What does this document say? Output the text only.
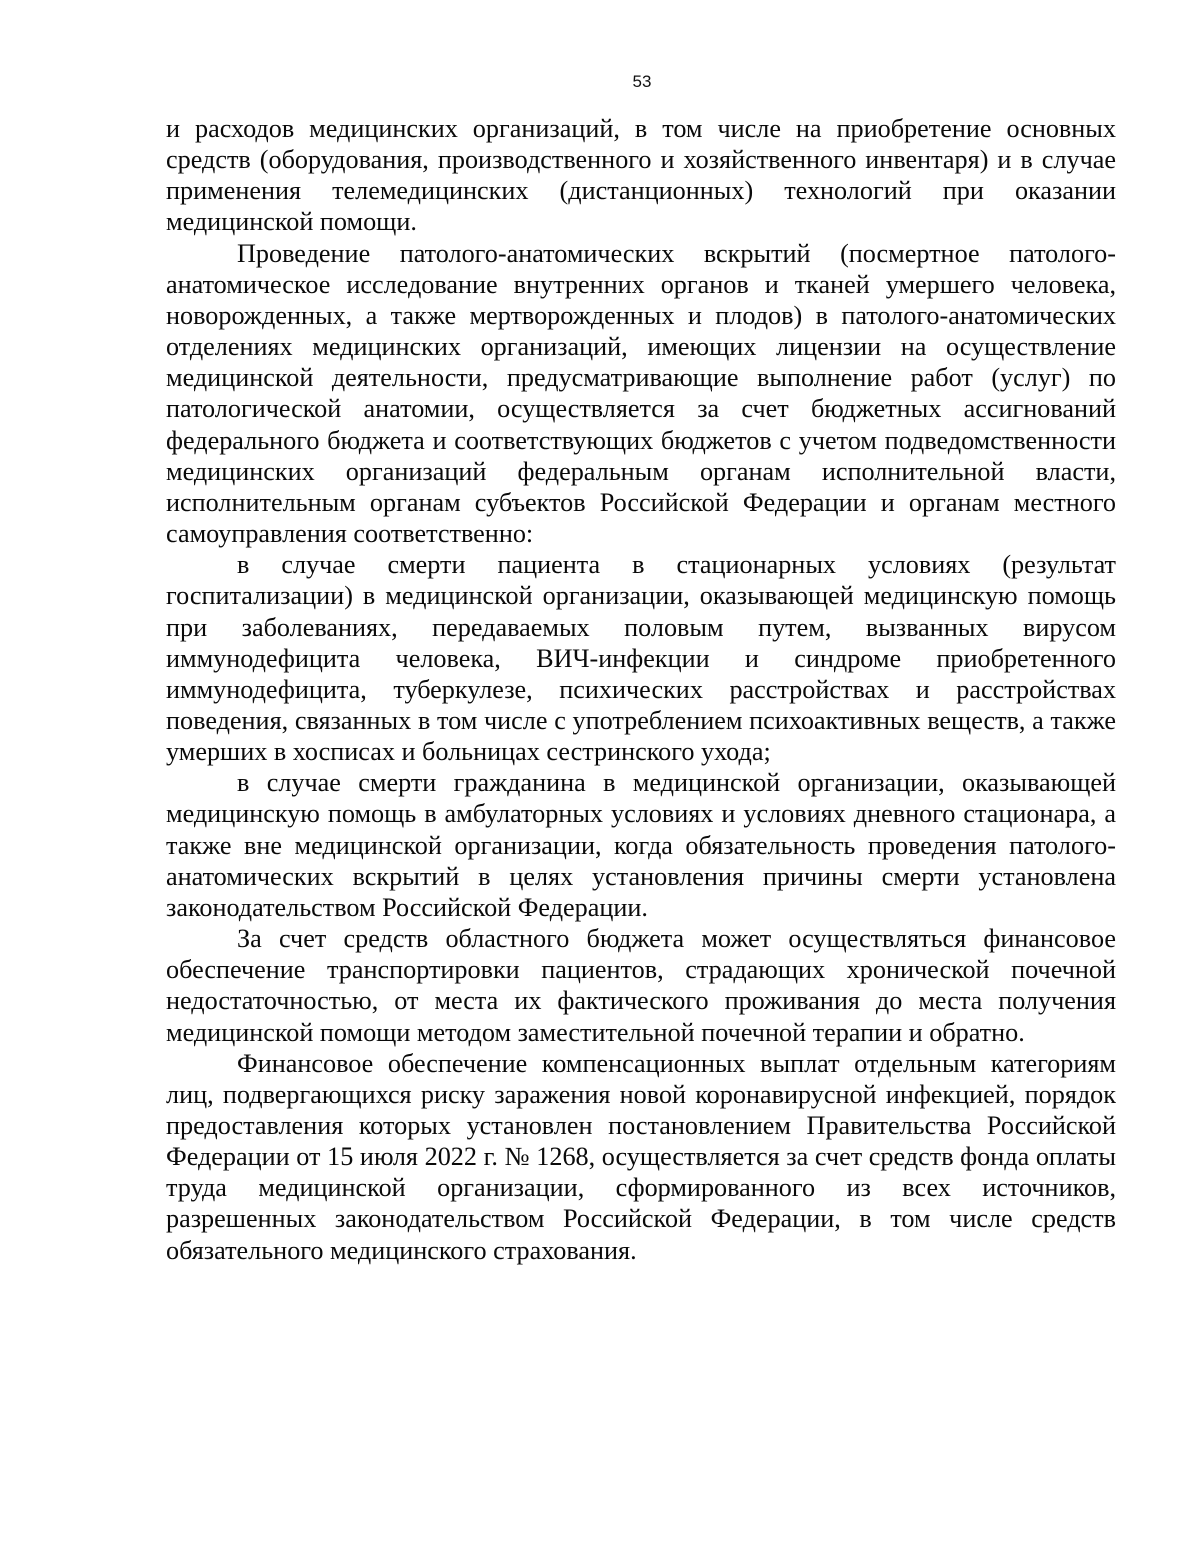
53

и расходов медицинских организаций, в том числе на приобретение основных средств (оборудования, производственного и хозяйственного инвентаря) и в случае применения телемедицинских (дистанционных) технологий при оказании медицинской помощи.

Проведение патолого-анатомических вскрытий (посмертное патолого-анатомическое исследование внутренних органов и тканей умершего человека, новорожденных, а также мертворожденных и плодов) в патолого-анатомических отделениях медицинских организаций, имеющих лицензии на осуществление медицинской деятельности, предусматривающие выполнение работ (услуг) по патологической анатомии, осуществляется за счет бюджетных ассигнований федерального бюджета и соответствующих бюджетов с учетом подведомственности медицинских организаций федеральным органам исполнительной власти, исполнительным органам субъектов Российской Федерации и органам местного самоуправления соответственно:

в случае смерти пациента в стационарных условиях (результат госпитализации) в медицинской организации, оказывающей медицинскую помощь при заболеваниях, передаваемых половым путем, вызванных вирусом иммунодефицита человека, ВИЧ-инфекции и синдроме приобретенного иммунодефицита, туберкулезе, психических расстройствах и расстройствах поведения, связанных в том числе с употреблением психоактивных веществ, а также умерших в хосписах и больницах сестринского ухода;

в случае смерти гражданина в медицинской организации, оказывающей медицинскую помощь в амбулаторных условиях и условиях дневного стационара, а также вне медицинской организации, когда обязательность проведения патолого-анатомических вскрытий в целях установления причины смерти установлена законодательством Российской Федерации.

За счет средств областного бюджета может осуществляться финансовое обеспечение транспортировки пациентов, страдающих хронической почечной недостаточностью, от места их фактического проживания до места получения медицинской помощи методом заместительной почечной терапии и обратно.

Финансовое обеспечение компенсационных выплат отдельным категориям лиц, подвергающихся риску заражения новой коронавирусной инфекцией, порядок предоставления которых установлен постановлением Правительства Российской Федерации от 15 июля 2022 г. № 1268, осуществляется за счет средств фонда оплаты труда медицинской организации, сформированного из всех источников, разрешенных законодательством Российской Федерации, в том числе средств обязательного медицинского страхования.
